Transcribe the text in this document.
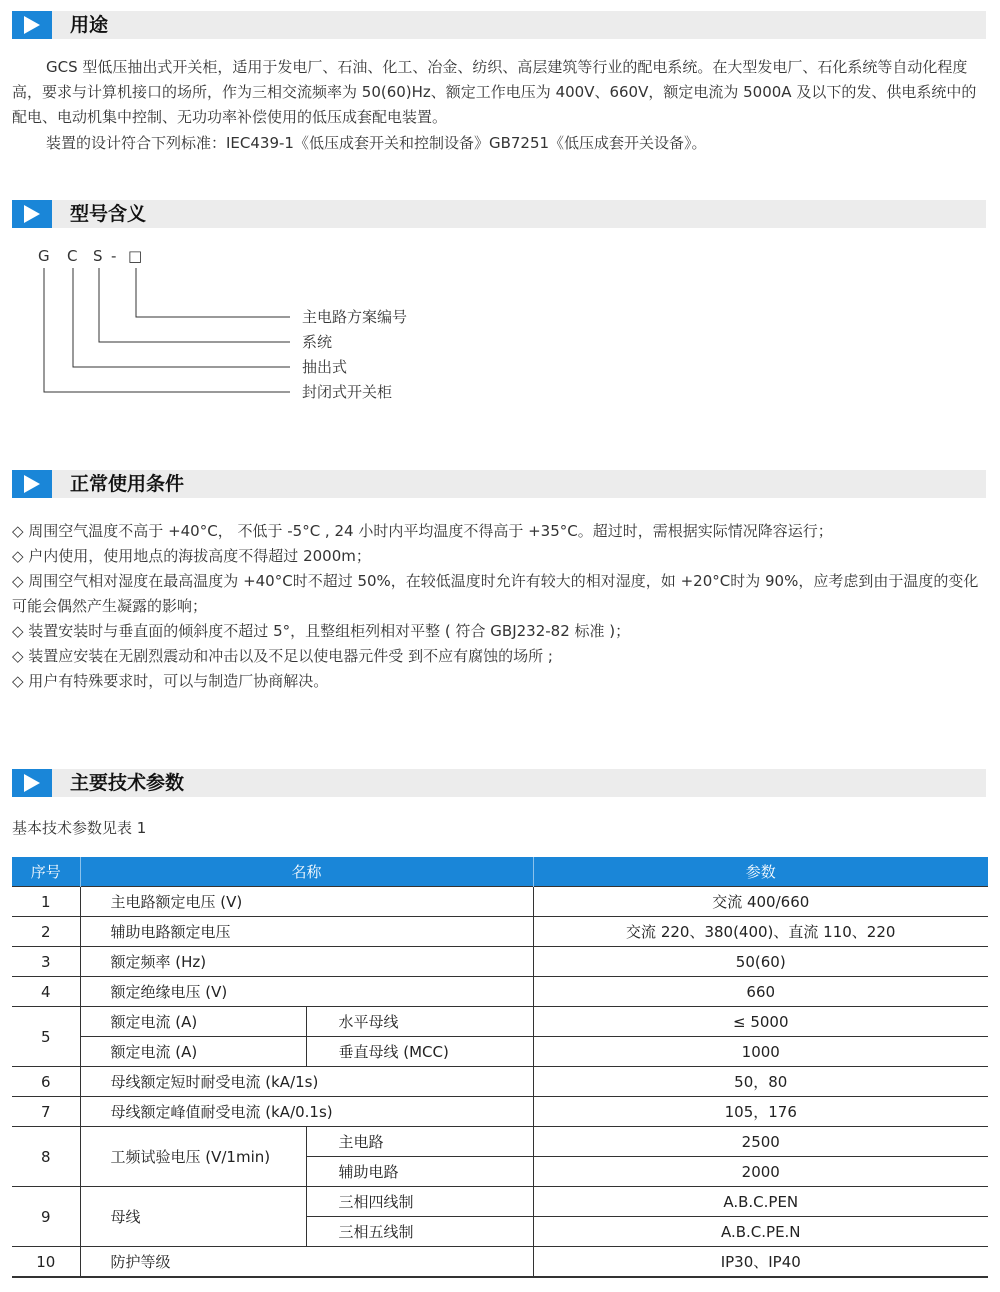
用途
GCS 型低压抽出式开关柜，适用于发电厂、石油、化工、冶金、纺织、高层建筑等行业的配电系统。在大型发电厂、石化系统等自动化程度高，要求与计算机接口的场所，作为三相交流频率为 50(60)Hz、额定工作电压为 400V、660V，额定电流为 5000A 及以下的发、供电系统中的配电、电动机集中控制、无功功率补偿使用的低压成套配电装置。
装置的设计符合下列标准：IEC439-1《低压成套开关和控制设备》GB7251《低压成套开关设备》。
型号含义
G C S - □
主电路方案编号
系统
抽出式
封闭式开关柜
正常使用条件
◇ 周围空气温度不高于 +40°C， 不低于 -5°C , 24 小时内平均温度不得高于 +35°C。超过时，需根据实际情况降容运行；
◇ 户内使用，使用地点的海拔高度不得超过 2000m；
◇ 周围空气相对湿度在最高温度为 +40°C时不超过 50%，在较低温度时允许有较大的相对湿度，如 +20°C时为 90%，应考虑到由于温度的变化可能会偶然产生凝露的影响；
◇ 装置安装时与垂直面的倾斜度不超过 5°，且整组柜列相对平整 ( 符合 GBJ232-82 标准 )；
◇ 装置应安装在无剧烈震动和冲击以及不足以使电器元件受 到不应有腐蚀的场所 ;
◇ 用户有特殊要求时，可以与制造厂协商解决。
主要技术参数
基本技术参数见表 1
序号	名称		参数
1	主电路额定电压 (V)		交流 400/660
2	辅助电路额定电压		交流 220、380(400)、直流 110、220
3	额定频率 (Hz)		50(60)
4	额定绝缘电压 (V)		660
5	额定电流 (A)	水平母线	≤ 5000
	额定电流 (A)	垂直母线 (MCC)	1000
6	母线额定短时耐受电流 (kA/1s)		50，80
7	母线额定峰值耐受电流 (kA/0.1s)		105，176
8	工频试验电压 (V/1min)	主电路	2500
		辅助电路	2000
9	母线	三相四线制	A.B.C.PEN
		三相五线制	A.B.C.PE.N
10	防护等级		IP30、IP40
